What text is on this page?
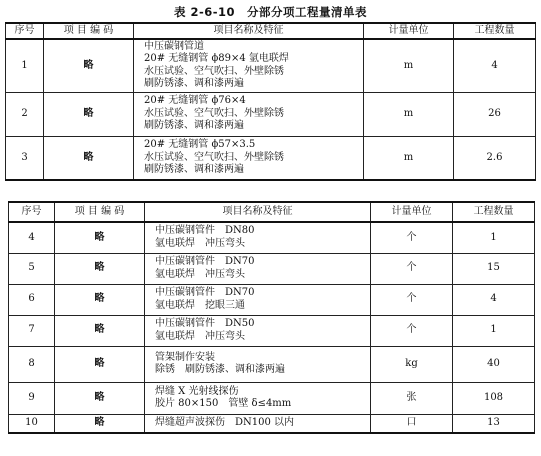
表 2-6-10　分部分项工程量清单表
序号	项 目 编 码	项目名称及特征	计量单位	工程数量
1	略	中压碳钢管道
20# 无缝钢管 ϕ89×4 氩电联焊
水压试验、空气吹扫、外壁除锈
刷防锈漆、调和漆两遍	m	4
2	略	20# 无缝钢管 ϕ76×4
水压试验、空气吹扫、外壁除锈
刷防锈漆、调和漆两遍	m	26
3	略	20# 无缝钢管 ϕ57×3.5
水压试验、空气吹扫、外壁除锈
刷防锈漆、调和漆两遍	m	2.6
序号	项 目 编 码	项目名称及特征	计量单位	工程数量
4	略	中压碳钢管件　DN80
氩电联焊　冲压弯头	个	1
5	略	中压碳钢管件　DN70
氩电联焊　冲压弯头	个	15
6	略	中压碳钢管件　DN70
氩电联焊　挖眼三通	个	4
7	略	中压碳钢管件　DN50
氩电联焊　冲压弯头	个	1
8	略	管架制作安装
除锈　刷防锈漆、调和漆两遍	kg	40
9	略	焊缝 X 光射线探伤
胶片 80×150　管壁 δ≤4mm	张	108
10	略	焊缝超声波探伤　DN100 以内	口	13
